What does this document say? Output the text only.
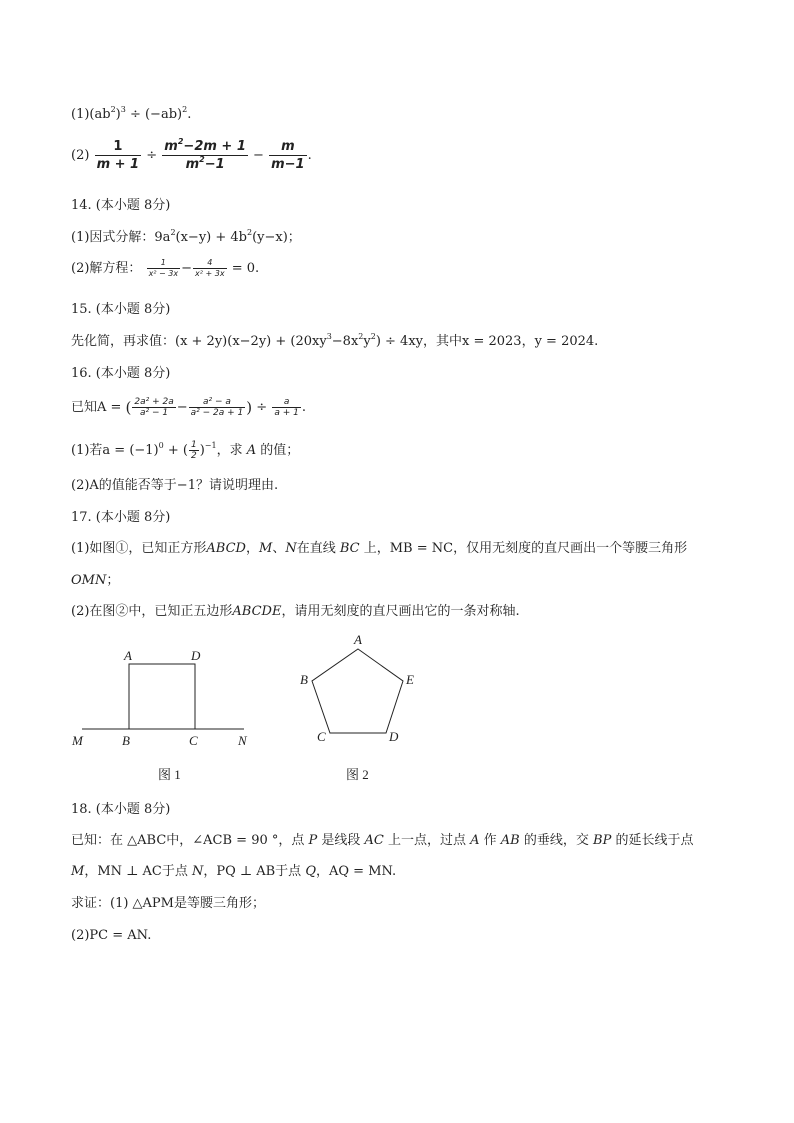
$(1)(ab^2)^3 \div (-ab)^2$.
$(2) \frac{1}{m + 1} \div \frac{m^2-2m + 1}{m^2-1} - \frac{m}{m-1}$ .
14. (本小题 8分)
(1)因式分解：$9a^2(x-y) + 4b^2(y-x)$；
(2)解方程： $\frac{1}{\text{x² − 3x}} - \frac{4}{\text{x² + 3x}} = 0$.
15. (本小题 8分)
先化简，再求值：$(x + 2y)(x-2y) + (20xy^3-8x^2y^2) \div 4xy$，其中x = 2023，y = 2024.
16. (本小题 8分)
已知A = ( $\frac{\text{2a² + 2a}}{\text{a² − 1}} - \frac{\text{a² − a}}{\text{a² − 2a + 1}}$ ) ÷ $\frac{a}{a + 1}$ .
(1)若$a = (-1)^0$ + ( $\frac{1}{2} )^{-1}$，求 A 的值；
(2)A的值能否等于−1？请说明理由.
17. (本小题 8分)
(1)如图①，已知正方形ABCD，M、N在直线 BC 上，MB = NC，仅用无刻度的直尺画出一个等腰三角形
OMN；
(2)在图②中，已知正五边形ABCDE，请用无刻度的直尺画出它的一条对称轴.
A	D
M	B	C	N
图 1
A
B	E
C	D
图 2
18. (本小题 8分)
已知：在 △ABC中，∠ACB = 90 °，点 P 是线段 AC 上一点，过点 A 作 AB 的垂线，交 BP 的延长线于点
M，MN ⊥ AC于点 N，PQ ⊥ AB于点 Q，AQ = MN.
求证：(1) △APM是等腰三角形；
(2)PC = AN.
